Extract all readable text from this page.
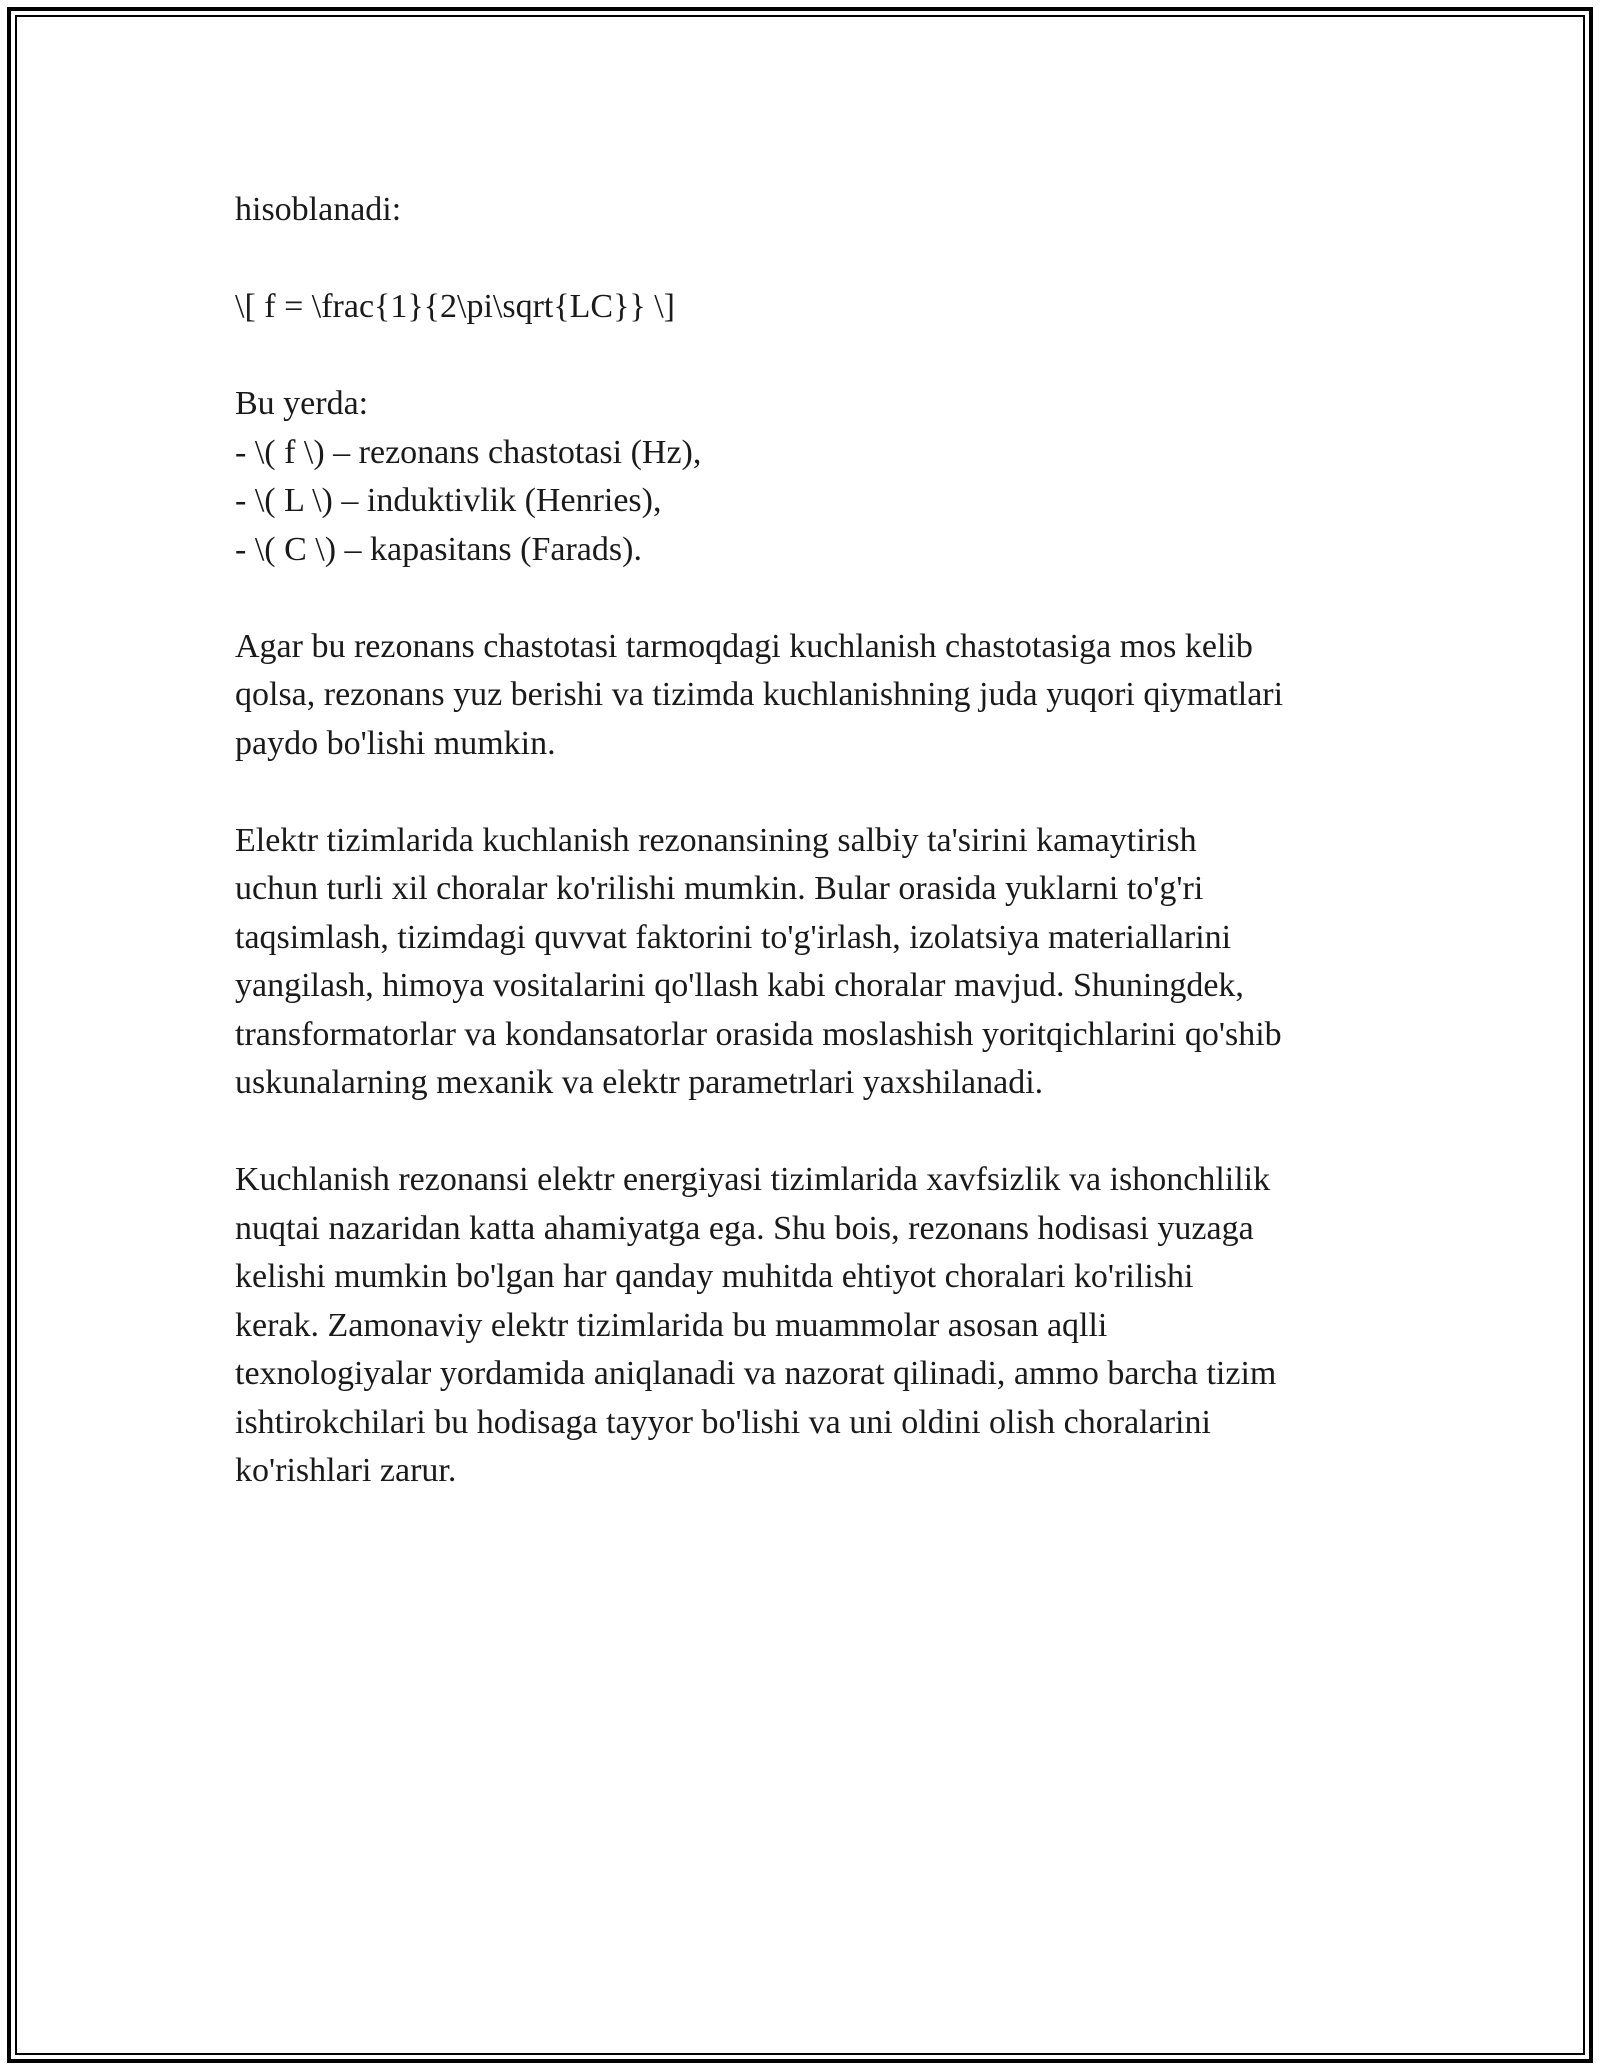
hisoblanadi:
\[ f = \frac{1}{2\pi\sqrt{LC}} \]
Bu yerda:
- \( f \) – rezonans chastotasi (Hz),
- \( L \) – induktivlik (Henries),
- \( C \) – kapasitans (Farads).
Agar bu rezonans chastotasi tarmoqdagi kuchlanish chastotasiga mos kelib
qolsa, rezonans yuz berishi va tizimda kuchlanishning juda yuqori qiymatlari
paydo bo'lishi mumkin.
Elektr tizimlarida kuchlanish rezonansining salbiy ta'sirini kamaytirish
uchun turli xil choralar ko'rilishi mumkin. Bular orasida yuklarni to'g'ri
taqsimlash, tizimdagi quvvat faktorini to'g'irlash, izolatsiya materiallarini
yangilash, himoya vositalarini qo'llash kabi choralar mavjud. Shuningdek,
transformatorlar va kondansatorlar orasida moslashish yoritqichlarini qo'shib
uskunalarning mexanik va elektr parametrlari yaxshilanadi.
Kuchlanish rezonansi elektr energiyasi tizimlarida xavfsizlik va ishonchlilik
nuqtai nazaridan katta ahamiyatga ega. Shu bois, rezonans hodisasi yuzaga
kelishi mumkin bo'lgan har qanday muhitda ehtiyot choralari ko'rilishi
kerak. Zamonaviy elektr tizimlarida bu muammolar asosan aqlli
texnologiyalar yordamida aniqlanadi va nazorat qilinadi, ammo barcha tizim
ishtirokchilari bu hodisaga tayyor bo'lishi va uni oldini olish choralarini
ko'rishlari zarur.
